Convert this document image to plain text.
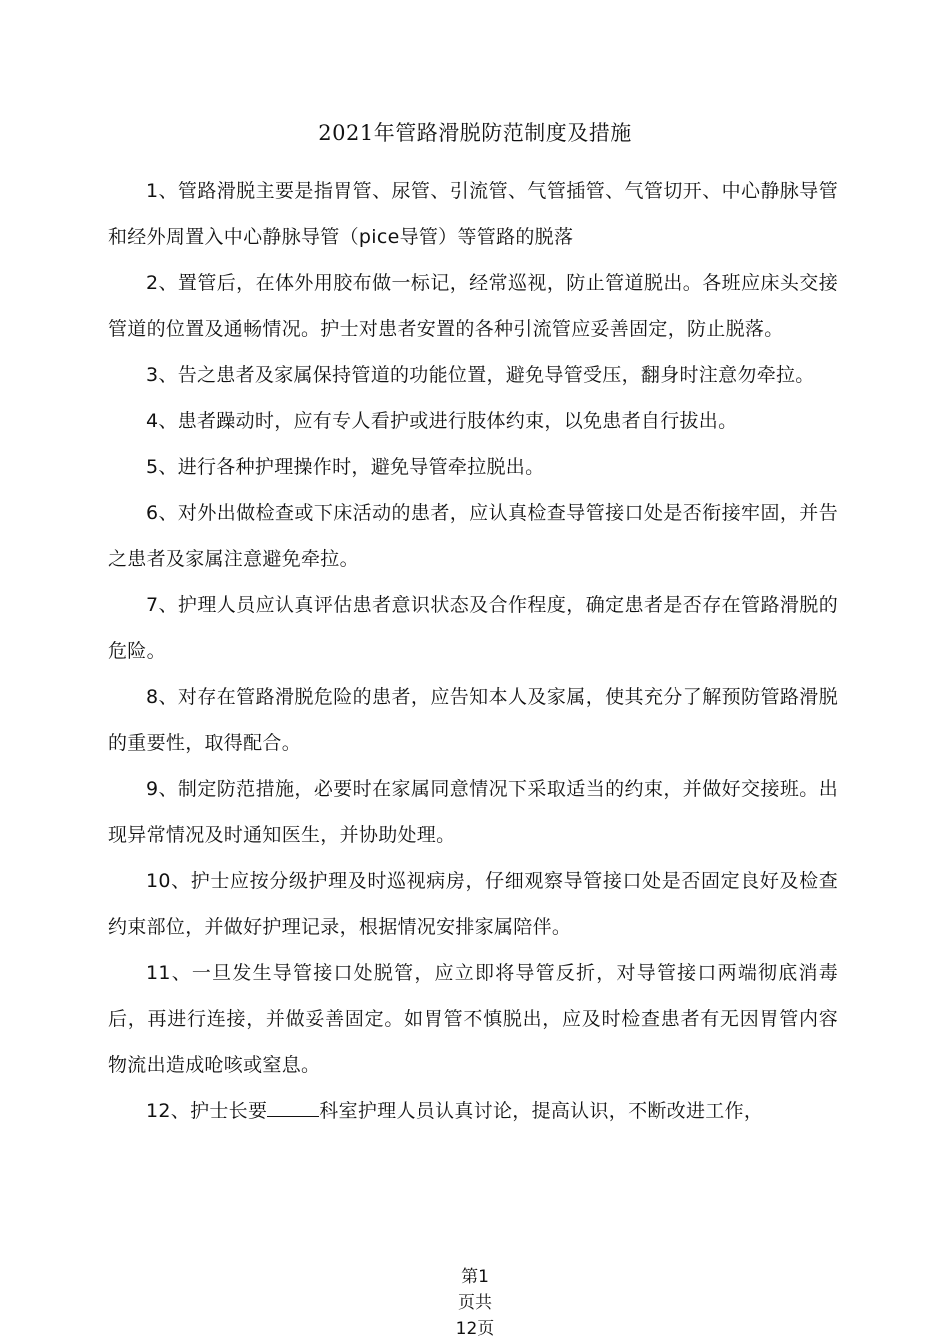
2021年管路滑脱防范制度及措施

1、管路滑脱主要是指胃管、尿管、引流管、气管插管、气管切开、中心静脉导管和经外周置入中心静脉导管（pice导管）等管路的脱落

2、置管后，在体外用胶布做一标记，经常巡视，防止管道脱出。各班应床头交接管道的位置及通畅情况。护士对患者安置的各种引流管应妥善固定，防止脱落。

3、告之患者及家属保持管道的功能位置，避免导管受压，翻身时注意勿牵拉。

4、患者躁动时，应有专人看护或进行肢体约束，以免患者自行拔出。

5、进行各种护理操作时，避免导管牵拉脱出。

6、对外出做检查或下床活动的患者，应认真检查导管接口处是否衔接牢固，并告之患者及家属注意避免牵拉。

7、护理人员应认真评估患者意识状态及合作程度，确定患者是否存在管路滑脱的危险。

8、对存在管路滑脱危险的患者，应告知本人及家属，使其充分了解预防管路滑脱的重要性，取得配合。

9、制定防范措施，必要时在家属同意情况下采取适当的约束，并做好交接班。出现异常情况及时通知医生，并协助处理。

10、护士应按分级护理及时巡视病房，仔细观察导管接口处是否固定良好及检查约束部位，并做好护理记录，根据情况安排家属陪伴。

11、一旦发生导管接口处脱管，应立即将导管反折，对导管接口两端彻底消毒后，再进行连接，并做妥善固定。如胃管不慎脱出，应及时检查患者有无因胃管内容物流出造成呛咳或窒息。

12、护士长要	科室护理人员认真讨论，提高认识，不断改进工作，

第1
页共
12页
